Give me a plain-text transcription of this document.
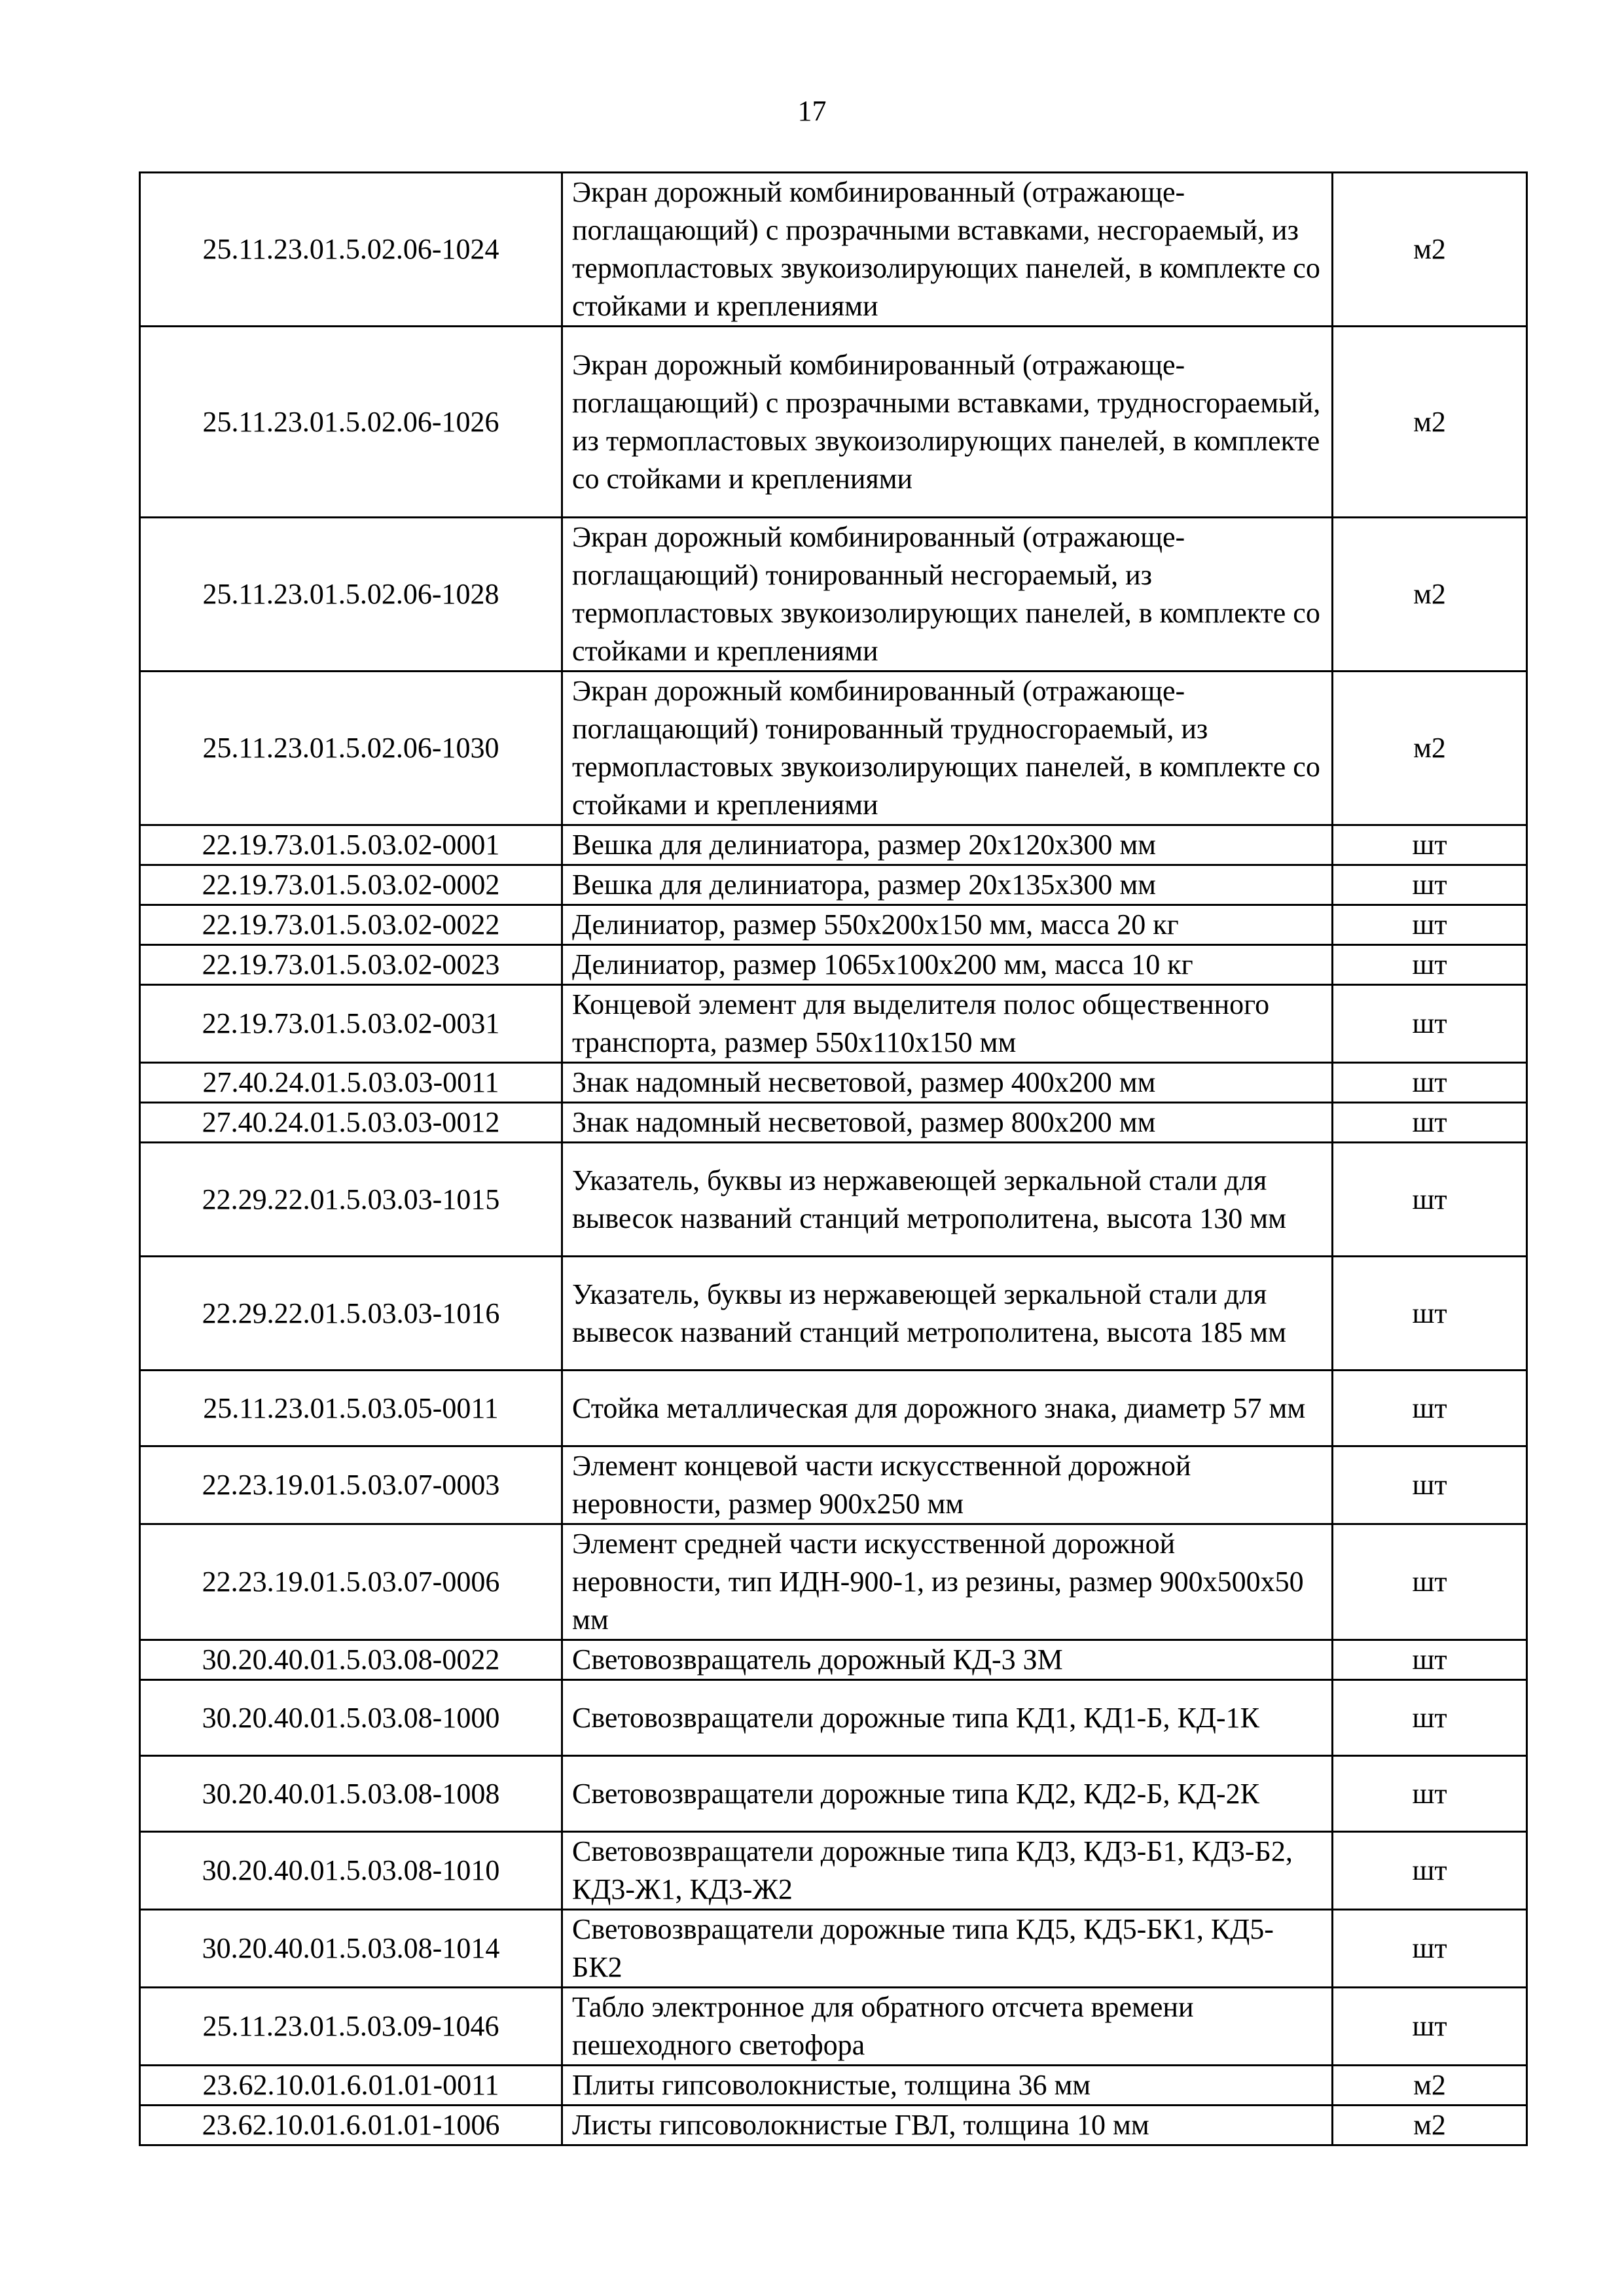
17
25.11.23.01.5.02.06-1024	Экран дорожный комбинированный (отражающе-поглащающий) с прозрачными вставками, несгораемый, из термопластовых звукоизолирующих панелей, в комплекте со стойками и креплениями	м2
25.11.23.01.5.02.06-1026	Экран дорожный комбинированный (отражающе-поглащающий) с прозрачными вставками, трудносгораемый, из термопластовых звукоизолирующих панелей, в комплекте со стойками и креплениями	м2
25.11.23.01.5.02.06-1028	Экран дорожный комбинированный (отражающе-поглащающий) тонированный несгораемый, из термопластовых звукоизолирующих панелей, в комплекте со стойками и креплениями	м2
25.11.23.01.5.02.06-1030	Экран дорожный комбинированный (отражающе-поглащающий) тонированный трудносгораемый, из термопластовых звукоизолирующих панелей, в комплекте со стойками и креплениями	м2
22.19.73.01.5.03.02-0001	Вешка для делиниатора, размер 20х120х300 мм	шт
22.19.73.01.5.03.02-0002	Вешка для делиниатора, размер 20х135х300 мм	шт
22.19.73.01.5.03.02-0022	Делиниатор, размер 550х200х150 мм, масса 20 кг	шт
22.19.73.01.5.03.02-0023	Делиниатор, размер 1065х100х200 мм, масса 10 кг	шт
22.19.73.01.5.03.02-0031	Концевой элемент для выделителя полос общественного транспорта, размер 550х110х150 мм	шт
27.40.24.01.5.03.03-0011	Знак надомный несветовой, размер 400х200 мм	шт
27.40.24.01.5.03.03-0012	Знак надомный несветовой, размер 800х200 мм	шт
22.29.22.01.5.03.03-1015	Указатель, буквы из нержавеющей зеркальной стали для вывесок названий станций метрополитена, высота 130 мм	шт
22.29.22.01.5.03.03-1016	Указатель, буквы из нержавеющей зеркальной стали для вывесок названий станций метрополитена, высота 185 мм	шт
25.11.23.01.5.03.05-0011	Стойка металлическая для дорожного знака, диаметр 57 мм	шт
22.23.19.01.5.03.07-0003	Элемент концевой части искусственной дорожной неровности, размер 900х250 мм	шт
22.23.19.01.5.03.07-0006	Элемент средней части искусственной дорожной неровности, тип ИДН-900-1, из резины, размер 900х500х50 мм	шт
30.20.40.01.5.03.08-0022	Световозвращатель дорожный КД-3 ЗМ	шт
30.20.40.01.5.03.08-1000	Световозвращатели дорожные типа КД1, КД1-Б, КД-1К	шт
30.20.40.01.5.03.08-1008	Световозвращатели дорожные типа КД2, КД2-Б, КД-2К	шт
30.20.40.01.5.03.08-1010	Световозвращатели дорожные типа КД3, КД3-Б1, КД3-Б2, КД3-Ж1, КД3-Ж2	шт
30.20.40.01.5.03.08-1014	Световозвращатели дорожные типа КД5, КД5-БК1, КД5-БК2	шт
25.11.23.01.5.03.09-1046	Табло электронное для обратного отсчета времени пешеходного светофора	шт
23.62.10.01.6.01.01-0011	Плиты гипсоволокнистые, толщина 36 мм	м2
23.62.10.01.6.01.01-1006	Листы гипсоволокнистые ГВЛ, толщина 10 мм	м2
